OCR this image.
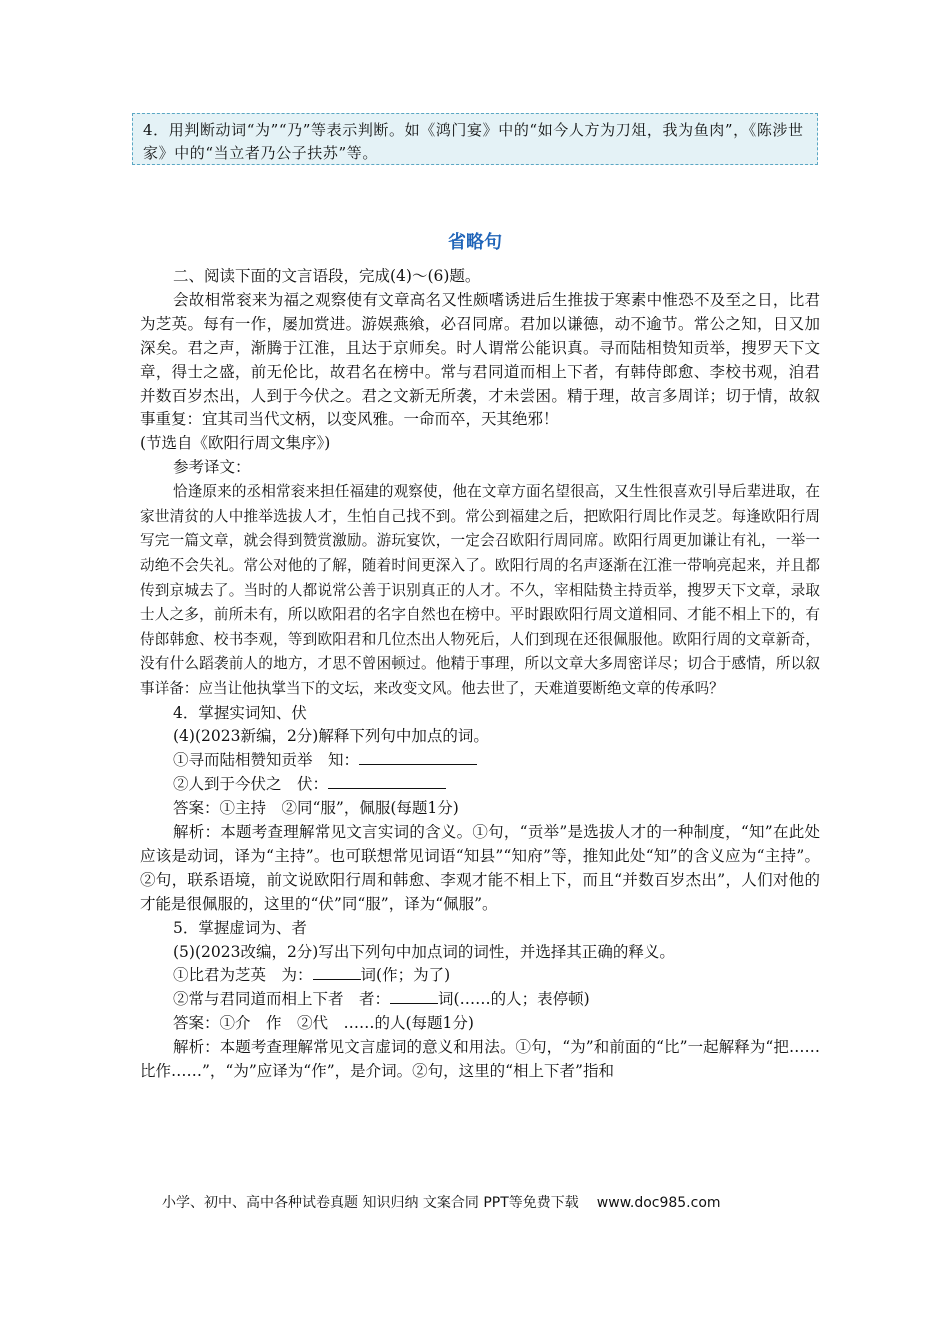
4．用判断动词“为”“乃”等表示判断。如《鸿门宴》中的“如今人方为刀俎，我为鱼肉”，《陈涉世家》中的“当立者乃公子扶苏”等。
省略句

二、阅读下面的文言语段，完成(4)～(6)题。

会故相常衮来为福之观察使有文章高名又性颇嗜诱进后生推拔于寒素中惟恐不及至之日，比君为芝英。每有一作，屡加赏进。游娱燕飨，必召同席。君加以谦德，动不逾节。常公之知，日又加深矣。君之声，渐腾于江淮，且达于京师矣。时人谓常公能识真。寻而陆相贽知贡举，搜罗天下文章，得士之盛，前无伦比，故君名在榜中。常与君同道而相上下者，有韩侍郎愈、李校书观，洎君并数百岁杰出，人到于今伏之。君之文新无所袭，才未尝困。精于理，故言多周详；切于情，故叙事重复：宜其司当代文柄，以变风雅。一命而卒，天其绝邪！

(节选自《欧阳行周文集序》)

参考译文：

恰逢原来的丞相常衮来担任福建的观察使，他在文章方面名望很高，又生性很喜欢引导后辈进取，在家世清贫的人中推举选拔人才，生怕自己找不到。常公到福建之后，把欧阳行周比作灵芝。每逢欧阳行周写完一篇文章，就会得到赞赏激励。游玩宴饮，一定会召欧阳行周同席。欧阳行周更加谦让有礼，一举一动绝不会失礼。常公对他的了解，随着时间更深入了。欧阳行周的名声逐渐在江淮一带响亮起来，并且都传到京城去了。当时的人都说常公善于识别真正的人才。不久，宰相陆贽主持贡举，搜罗天下文章，录取士人之多，前所未有，所以欧阳君的名字自然也在榜中。平时跟欧阳行周文道相同、才能不相上下的，有侍郎韩愈、校书李观，等到欧阳君和几位杰出人物死后，人们到现在还很佩服他。欧阳行周的文章新奇，没有什么蹈袭前人的地方，才思不曾困顿过。他精于事理，所以文章大多周密详尽；切合于感情，所以叙事详备：应当让他执掌当下的文坛，来改变文风。他去世了，天难道要断绝文章的传承吗？

4．掌握实词知、伏

(4)(2023新编，2分)解释下列句中加点的词。

①寻而陆相赞知贡举　知：

②人到于今伏之　伏：

答案：①主持　②同“服”，佩服(每题1分)

解析：本题考查理解常见文言实词的含义。①句，“贡举”是选拔人才的一种制度，“知”在此处应该是动词，译为“主持”。也可联想常见词语“知县”“知府”等，推知此处“知”的含义应为“主持”。②句，联系语境，前文说欧阳行周和韩愈、李观才能不相上下，而且“并数百岁杰出”，人们对他的才能是很佩服的，这里的“伏”同“服”，译为“佩服”。

5．掌握虚词为、者

(5)(2023改编，2分)写出下列句中加点词的词性，并选择其正确的释义。

①比君为芝英　为：	词(作；为了)

②常与君同道而相上下者　者：	词(……的人；表停顿)

答案：①介　作　②代　……的人(每题1分)

解析：本题考查理解常见文言虚词的意义和用法。①句，“为”和前面的“比”一起解释为“把……比作……”，“为”应译为“作”，是介词。②句，这里的“相上下者”指和

小学、初中、高中各种试卷真题 知识归纳 文案合同 PPT等免费下载 www.doc985.com
